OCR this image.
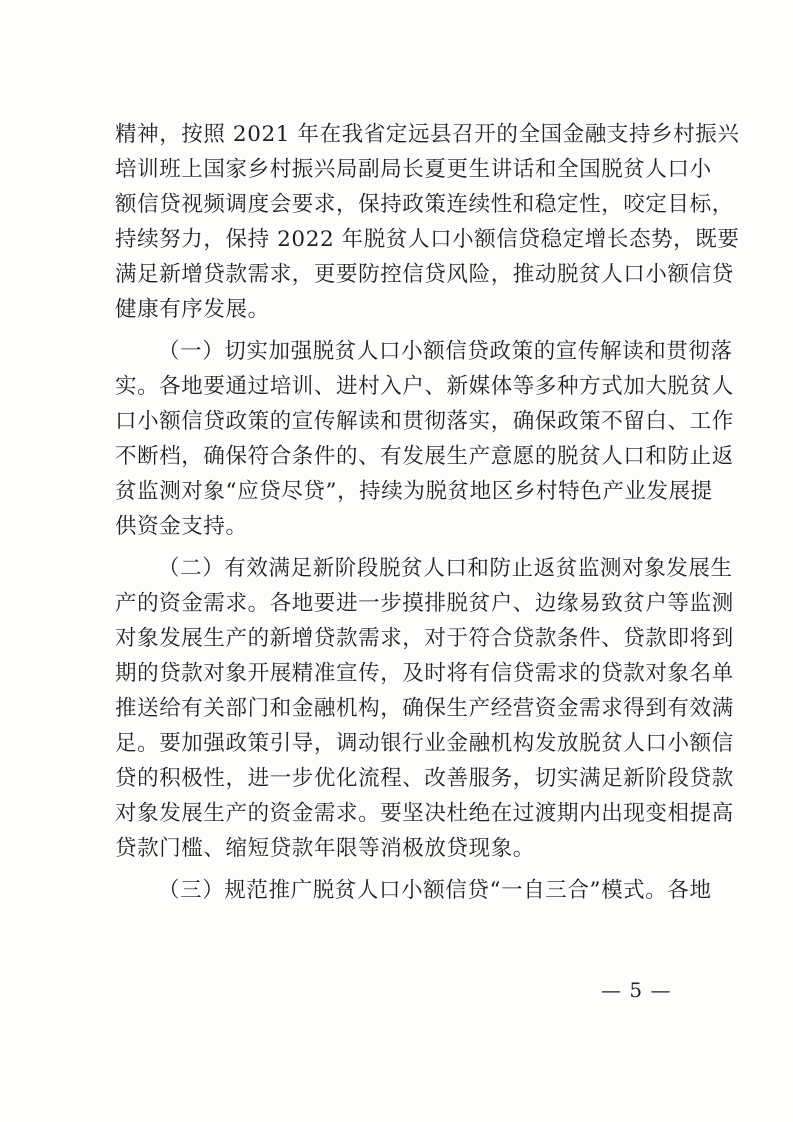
精神，按照 2021 年在我省定远县召开的全国金融支持乡村振兴
培训班上国家乡村振兴局副局长夏更生讲话和全国脱贫人口小
额信贷视频调度会要求，保持政策连续性和稳定性，咬定目标，
持续努力，保持 2022 年脱贫人口小额信贷稳定增长态势，既要
满足新增贷款需求，更要防控信贷风险，推动脱贫人口小额信贷
健康有序发展。
（一）切实加强脱贫人口小额信贷政策的宣传解读和贯彻落
实。各地要通过培训、进村入户、新媒体等多种方式加大脱贫人
口小额信贷政策的宣传解读和贯彻落实，确保政策不留白、工作
不断档，确保符合条件的、有发展生产意愿的脱贫人口和防止返
贫监测对象“应贷尽贷”，持续为脱贫地区乡村特色产业发展提
供资金支持。
（二）有效满足新阶段脱贫人口和防止返贫监测对象发展生
产的资金需求。各地要进一步摸排脱贫户、边缘易致贫户等监测
对象发展生产的新增贷款需求，对于符合贷款条件、贷款即将到
期的贷款对象开展精准宣传，及时将有信贷需求的贷款对象名单
推送给有关部门和金融机构，确保生产经营资金需求得到有效满
足。要加强政策引导，调动银行业金融机构发放脱贫人口小额信
贷的积极性，进一步优化流程、改善服务，切实满足新阶段贷款
对象发展生产的资金需求。要坚决杜绝在过渡期内出现变相提高
贷款门槛、缩短贷款年限等消极放贷现象。
（三）规范推广脱贫人口小额信贷“一自三合”模式。各地
— 5 —
